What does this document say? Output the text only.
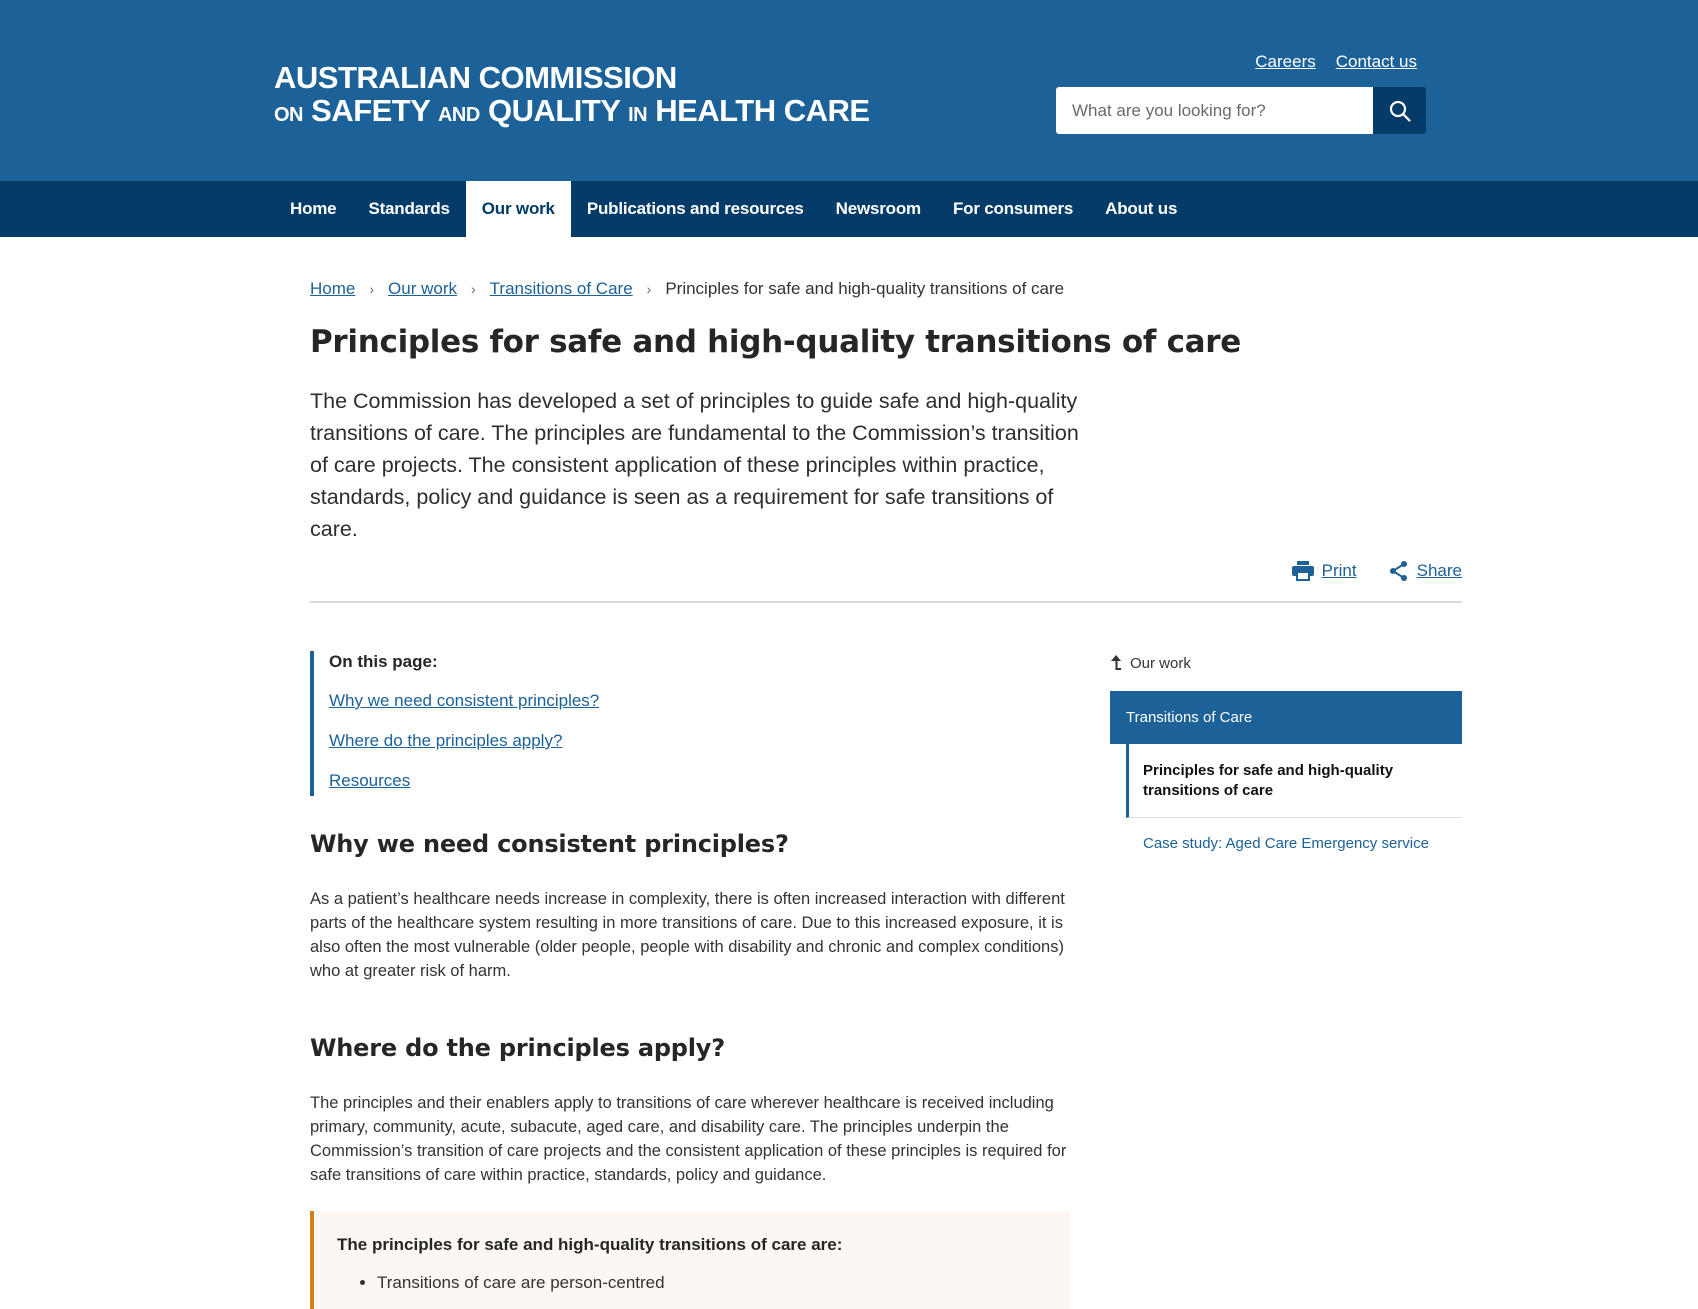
AUSTRALIAN COMMISSION
ON SAFETY AND QUALITY IN HEALTH CARE
Careers Contact us
What are you looking for?
Home	Standards	Our work	Publications and resources	Newsroom	For consumers	About us
Home › Our work › Transitions of Care › Principles for safe and high-quality transitions of care
Principles for safe and high-quality transitions of care

The Commission has developed a set of principles to guide safe and high-quality transitions of care. The principles are fundamental to the Commission’s transition of care projects. The consistent application of these principles within practice, standards, policy and guidance is seen as a requirement for safe transitions of care.

Print	Share
On this page:
Why we need consistent principles?
Where do the principles apply?
Resources
Why we need consistent principles?

As a patient’s healthcare needs increase in complexity, there is often increased interaction with different parts of the healthcare system resulting in more transitions of care. Due to this increased exposure, it is also often the most vulnerable (older people, people with disability and chronic and complex conditions) who at greater risk of harm.

Where do the principles apply?

The principles and their enablers apply to transitions of care wherever healthcare is received including primary, community, acute, subacute, aged care, and disability care. The principles underpin the Commission’s transition of care projects and the consistent application of these principles is required for safe transitions of care within practice, standards, policy and guidance.

The principles for safe and high-quality transitions of care are:
• Transitions of care are person-centred
Our work
Transitions of Care
Principles for safe and high-quality transitions of care
Case study: Aged Care Emergency service
